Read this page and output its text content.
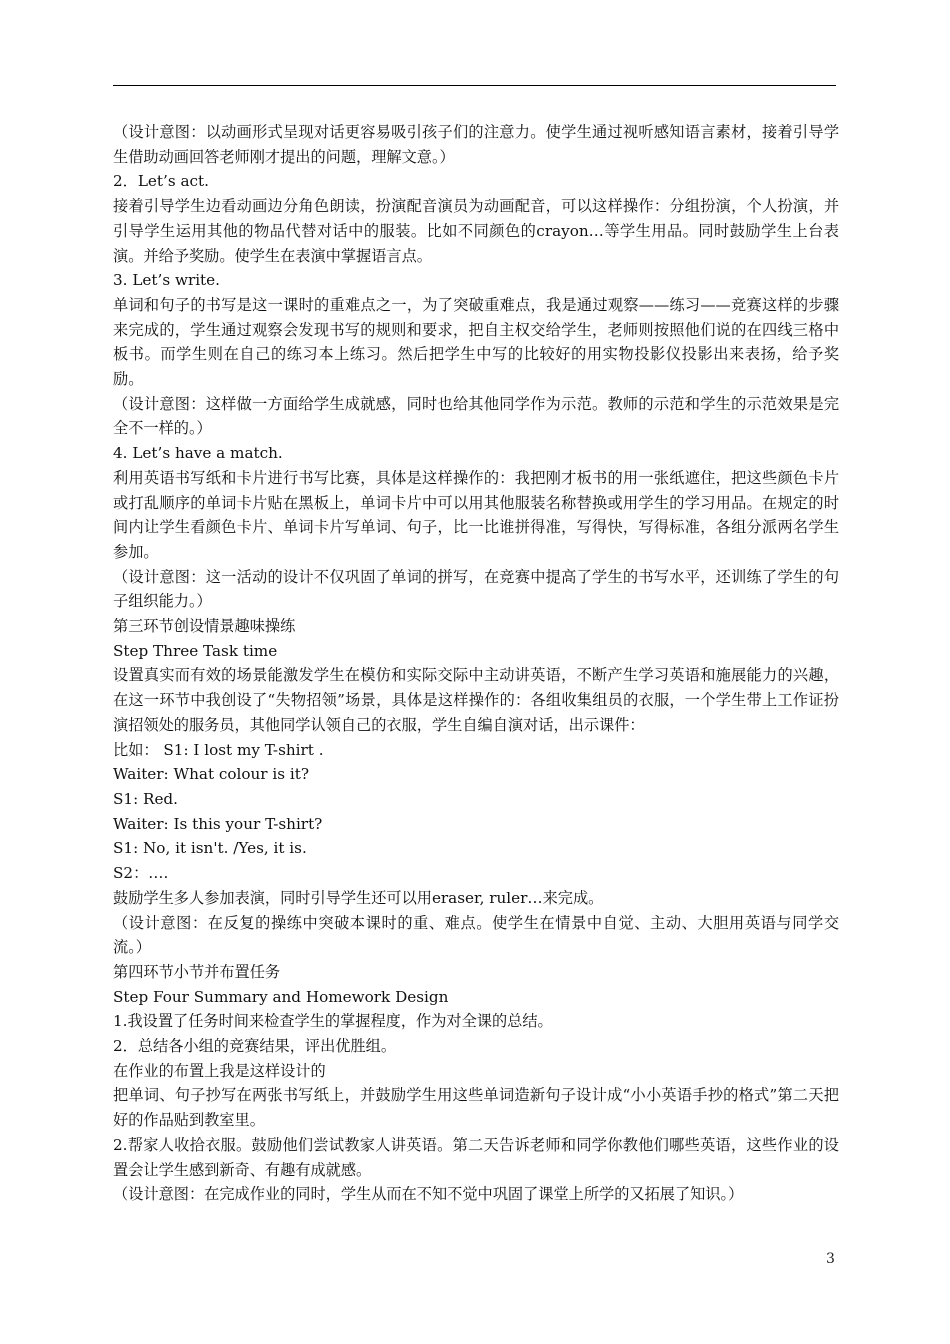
（设计意图：以动画形式呈现对话更容易吸引孩子们的注意力。使学生通过视听感知语言素材，接着引导学生借助动画回答老师刚才提出的问题，理解文意。）

2．Let’s act.

接着引导学生边看动画边分角色朗读，扮演配音演员为动画配音，可以这样操作：分组扮演，个人扮演，并引导学生运用其他的物品代替对话中的服装。比如不同颜色的crayon…等学生用品。同时鼓励学生上台表演。并给予奖励。使学生在表演中掌握语言点。

3. Let’s write.

单词和句子的书写是这一课时的重难点之一，为了突破重难点，我是通过观察——练习——竞赛这样的步骤来完成的，学生通过观察会发现书写的规则和要求，把自主权交给学生，老师则按照他们说的在四线三格中板书。而学生则在自己的练习本上练习。然后把学生中写的比较好的用实物投影仪投影出来表扬，给予奖励。

（设计意图：这样做一方面给学生成就感，同时也给其他同学作为示范。教师的示范和学生的示范效果是完全不一样的。）

4. Let’s have a match.

利用英语书写纸和卡片进行书写比赛，具体是这样操作的：我把刚才板书的用一张纸遮住，把这些颜色卡片或打乱顺序的单词卡片贴在黑板上，单词卡片中可以用其他服装名称替换或用学生的学习用品。在规定的时间内让学生看颜色卡片、单词卡片写单词、句子，比一比谁拼得准，写得快，写得标准，各组分派两名学生参加。

（设计意图：这一活动的设计不仅巩固了单词的拼写，在竞赛中提高了学生的书写水平，还训练了学生的句子组织能力。）

第三环节创设情景趣味操练

Step Three Task time

设置真实而有效的场景能激发学生在模仿和实际交际中主动讲英语，不断产生学习英语和施展能力的兴趣，在这一环节中我创设了“失物招领”场景，具体是这样操作的：各组收集组员的衣服，一个学生带上工作证扮演招领处的服务员，其他同学认领自己的衣服，学生自编自演对话，出示课件：

比如： S1: I lost my T-shirt .

Waiter: What colour is it?

S1: Red.

Waiter: Is this your T-shirt?

S1: No, it isn't. /Yes, it is.

S2：….

鼓励学生多人参加表演，同时引导学生还可以用eraser, ruler…来完成。

（设计意图：在反复的操练中突破本课时的重、难点。使学生在情景中自觉、主动、大胆用英语与同学交流。）

第四环节小节并布置任务

Step Four Summary and Homework Design

1.我设置了任务时间来检查学生的掌握程度，作为对全课的总结。

2．总结各小组的竞赛结果，评出优胜组。

在作业的布置上我是这样设计的

把单词、句子抄写在两张书写纸上，并鼓励学生用这些单词造新句子设计成“小小英语手抄的格式”第二天把好的作品贴到教室里。

2.帮家人收拾衣服。鼓励他们尝试教家人讲英语。第二天告诉老师和同学你教他们哪些英语，这些作业的设置会让学生感到新奇、有趣有成就感。

（设计意图：在完成作业的同时，学生从而在不知不觉中巩固了课堂上所学的又拓展了知识。）

3
